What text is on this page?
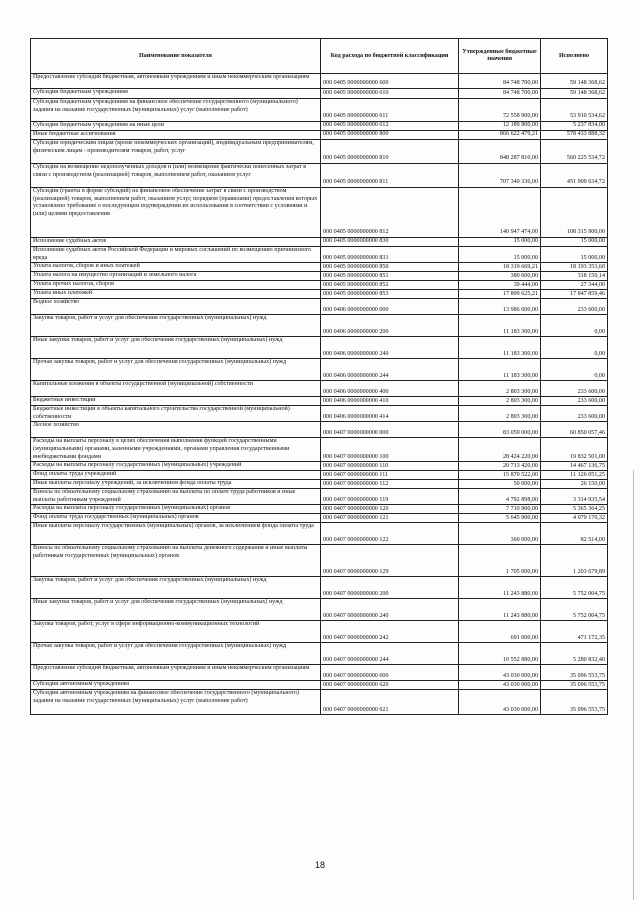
Наименование показателя	Код расхода по бюджетной классификации	Утвержденные бюджетные значения	Исполнено
Предоставление субсидий бюджетным, автономным учреждениям и иным некоммерческим организациям	000 0405 0000000000 600	84 748 700,00	59 148 368,62
Субсидии бюджетным учреждениям	000 0405 0000000000 610	84 748 700,00	59 148 368,62
Субсидии бюджетным учреждениям на финансовое обеспечение государственного (муниципального) задания на оказание государственных (муниципальных) услуг (выполнение работ)	000 0405 0000000000 611	72 558 900,00	53 910 534,62
Субсидии бюджетным учреждениям на иные цели	000 0405 0000000000 612	12 189 800,00	5 237 834,00
Иные бюджетные ассигнования	000 0405 0000000000 800	866 622 479,21	578 433 888,32
Субсидии юридическим лицам (кроме некоммерческих организаций), индивидуальным предпринимателям, физическим лицам - производителям товаров, работ, услуг	000 0405 0000000000 810	848 287 810,00	560 225 534,72
Субсидии на возмещение недополученных доходов и (или) возмещение фактически понесенных затрат в связи с производством (реализацией) товаров, выполнением работ, оказанием услуг	000 0405 0000000000 811	707 340 336,00	451 909 634,72
Субсидии (гранты в форме субсидий) на финансовое обеспечение затрат в связи с производством (реализацией) товаров, выполнением работ, оказанием услуг, порядком (правилами) предоставления которых установлено требование о последующем подтверждении их использования в соответствии с условиями и (или) целями предоставления	000 0405 0000000000 812	140 947 474,00	108 315 900,00
Исполнение судебных актов	000 0405 0000000000 830	15 000,00	15 000,00
Исполнение судебных актов Российской Федерации и мировых соглашений по возмещению причиненного вреда	000 0405 0000000000 831	15 000,00	15 000,00
Уплата налогов, сборов и иных платежей	000 0405 0000000000 850	18 319 669,21	18 193 353,60
Уплата налога на имущество организаций и земельного налога	000 0405 0000000000 851	380 600,00	318 150,14
Уплата прочих налогов, сборов	000 0405 0000000000 852	39 444,00	27 344,00
Уплата иных платежей	000 0405 0000000000 853	17 899 625,21	17 847 859,46
Водное хозяйство	000 0406 0000000000 000	13 986 600,00	233 600,00
Закупка товаров, работ и услуг для обеспечения государственных (муниципальных) нужд	000 0406 0000000000 200	11 183 300,00	0,00
Иные закупки товаров, работ и услуг для обеспечения государственных (муниципальных) нужд	000 0406 0000000000 240	11 183 300,00	0,00
Прочая закупка товаров, работ и услуг для обеспечения государственных (муниципальных) нужд	000 0406 0000000000 244	11 183 300,00	0,00
Капитальные вложения в объекты государственной (муниципальной) собственности	000 0406 0000000000 400	2 803 300,00	233 600,00
Бюджетные инвестиции	000 0406 0000000000 410	2 803 300,00	233 600,00
Бюджетные инвестиции в объекты капитального строительства государственной (муниципальной) собственности	000 0406 0000000000 414	2 803 300,00	233 600,00
Лесное хозяйство	000 0407 0000000000 000	83 059 000,00	60 850 057,46
Расходы на выплаты персоналу в целях обеспечения выполнения функций государственными (муниципальными) органами, казенными учреждениями, органами управления государственными внебюджетными фондами	000 0407 0000000000 100	28 424 220,00	19 832 501,00
Расходы на выплаты персоналу государственных (муниципальных) учреждений	000 0407 0000000000 110	20 713 420,00	14 467 136,75
Фонд оплаты труда учреждений	000 0407 0000000000 111	15 870 522,00	11 126 051,25
Иные выплаты персоналу учреждений, за исключением фонда оплаты труда	000 0407 0000000000 112	50 000,00	26 150,00
Взносы по обязательному социальному страхованию на выплаты по оплате труда работников и иные выплаты работникам учреждений	000 0407 0000000000 119	4 792 898,00	3 314 935,54
Расходы на выплаты персоналу государственных (муниципальных) органов	000 0407 0000000000 120	7 710 900,00	5 365 364,25
Фонд оплаты труда государственных (муниципальных) органов	000 0407 0000000000 121	5 645 900,00	4 079 170,32
Иные выплаты персоналу государственных (муниципальных) органов, за исключением фонда оплаты труда	000 0407 0000000000 122	360 000,00	82 514,00
Взносы по обязательному социальному страхованию на выплаты денежного содержания и иные выплаты работникам государственных (муниципальных) органов	000 0407 0000000000 129	1 705 000,00	1 203 679,89
Закупка товаров, работ и услуг для обеспечения государственных (муниципальных) нужд	000 0407 0000000000 200	11 243 880,00	5 752 004,75
Иные закупки товаров, работ и услуг для обеспечения государственных (муниципальных) нужд	000 0407 0000000000 240	11 243 880,00	5 752 004,75
Закупка товаров, работ, услуг в сфере информационно-коммуникационных технологий	000 0407 0000000000 242	691 000,00	471 172,35
Прочая закупка товаров, работ и услуг для обеспечения государственных (муниципальных) нужд	000 0407 0000000000 244	10 552 880,00	5 280 832,40
Предоставление субсидий бюджетным, автономным учреждениям и иным некоммерческим организациям	000 0407 0000000000 600	43 030 000,00	35 096 553,75
Субсидии автономным учреждениям	000 0407 0000000000 620	43 030 000,00	35 096 553,75
Субсидии автономным учреждениям на финансовое обеспечение государственного (муниципального) задания на оказание государственных (муниципальных) услуг (выполнение работ)	000 0407 0000000000 621	43 030 000,00	35 096 553,75
18
